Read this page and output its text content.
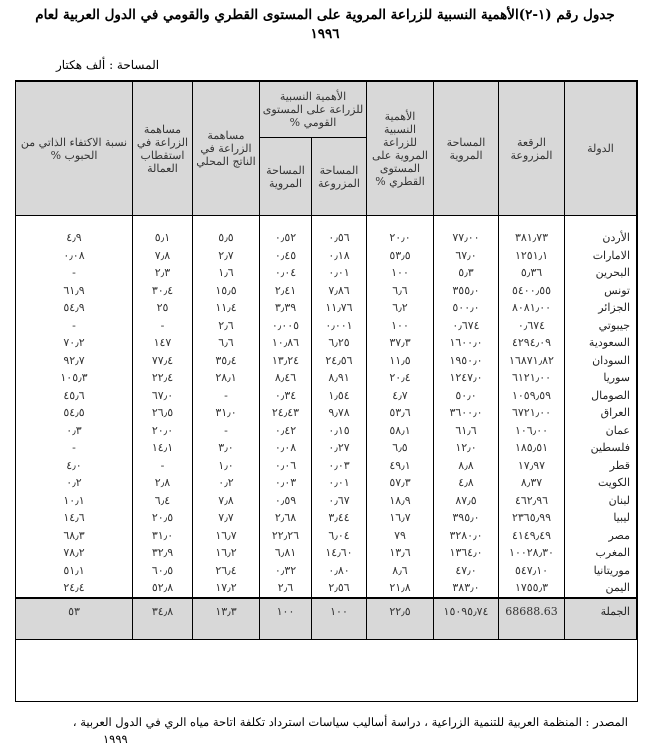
جدول رقم (١-٢)الأهمية النسبية للزراعة المروية على المستوى القطري والقومي في الدول العربية لعام
١٩٩٦
المساحة : ألف هكتار
الدولة	الرقعة المزروعة	المساحة المروية	الأهمية النسبية للزراعة المروية على المستوى القطري %	الأهمية النسبية للزراعة على المستوى القومي %		مساهمة الزراعة في الناتج المحلي	مساهمة الزراعة في استقطاب العمالة	نسبة الاكتفاء الذاتي من الحبوب %
				المساحة المزروعة	المساحة المروية			
الأردن	٣٨١٫٧٣	٧٧٫٠٠	٢٠٫٠	٠٫٥٦	٠٫٥٢	٥٫٥	٥٫١	٤٫٩
الامارات	١٢٥١٫١	٦٧٫٠	٥٣٫٥	٠٫١٨	٠٫٤٥	٢٫٧	٧٫٨	٠٫٠٨
البحرين	٥٫٣٦	٥٫٣	١٠٠	٠٫٠١	٠٫٠٤	١٫٦	٢٫٣	-
تونس	٥٤٠٠٫٥٥	٣٥٥٫٠	٦٫٦	٧٫٨٦	٢٫٤١	١٥٫٥	٣٠٫٤	٦١٫٩
الجزائر	٨٠٨١٫٠٠	٥٠٠٫٠	٦٫٢	١١٫٧٦	٣٫٣٩	١١٫٤	٢٥	٥٤٫٩
جيبوتي	٠٫٦٧٤	٠٫٦٧٤	١٠٠	٠٫٠٠١	٠٫٠٠٥	٢٫٦	-	-
السعودية	٤٢٩٤٫٠٩	١٦٠٠٫٠	٣٧٫٣	٦٫٢٥	١٠٫٨٦	٦٫٦	١٤٧	٧٠٫٢
السودان	١٦٨٧١٫٨٢	١٩٥٠٫٠	١١٫٥	٢٤٫٥٦	١٣٫٢٤	٣٥٫٤	٧٧٫٤	٩٢٫٧
سوريا	٦١٢١٫٠٠	١٢٤٧٫٠	٢٠٫٤	٨٫٩١	٨٫٤٦	٢٨٫١	٢٢٫٤	١٠٥٫٣
الصومال	١٠٥٩٫٥٩	٥٠٫٠	٤٫٧	١٫٥٤	٠٫٣٤	-	٦٧٫٠	٤٥٫٦
العراق	٦٧٢١٫٠٠	٣٦٠٠٫٠	٥٣٫٦	٩٫٧٨	٢٤٫٤٣	٣١٫٠	٢٦٫٥	٥٤٫٥
عمان	١٠٦٫٠٠	٦١٫٦	٥٨٫١	٠٫١٥	٠٫٤٢	-	٢٠٫٠	٠٫٣
فلسطين	١٨٥٫٥١	١٢٫٠	٦٫٥	٠٫٢٧	٠٫٠٨	٣٫٠	١٤٫١	-
قطر	١٧٫٩٧	٨٫٨	٤٩٫١	٠٫٠٣	٠٫٠٦	١٫٠	-	٤٫٠
الكويت	٨٫٣٧	٤٫٨	٥٧٫٣	٠٫٠١	٠٫٠٣	٠٫٢	٢٫٨	٠٫٢
لبنان	٤٦٢٫٩٦	٨٧٫٥	١٨٫٩	٠٫٦٧	٠٫٥٩	٧٫٨	٦٫٤	١٠٫١
ليبيا	٢٣٦٥٫٩٩	٣٩٥٫٠	١٦٫٧	٣٫٤٤	٢٫٦٨	٧٫٧	٢٠٫٥	١٤٫٦
مصر	٤١٤٩٫٤٩	٣٢٨٠٫٠	٧٩	٦٫٠٤	٢٢٫٢٦	١٦٫٧	٣١٫٠	٦٨٫٣
المغرب	١٠٠٢٨٫٣٠	١٣٦٤٫٠	١٣٫٦	١٤٫٦٠	٦٫٨١	١٦٫٢	٣٢٫٩	٧٨٫٢
موريتانيا	٥٤٧٫١٠	٤٧٫٠	٨٫٦	٠٫٨٠	٠٫٣٢	٢٦٫٤	٦٠٫٥	٥١٫١
اليمن	١٧٥٥٫٣	٣٨٣٫٠	٢١٫٨	٢٫٥٦	٢٫٦	١٧٫٢	٥٢٫٨	٢٤٫٤
الجملة	68688.63	١٥٠٩٥٫٧٤	٢٢٫٥	١٠٠	١٠٠	١٣٫٣	٣٤٫٨	٥٣
المصدر : المنظمة العربية للتنمية الزراعية ، دراسة أساليب سياسات استرداد تكلفة اتاحة مياه الري في الدول العربية ،
١٩٩٩
